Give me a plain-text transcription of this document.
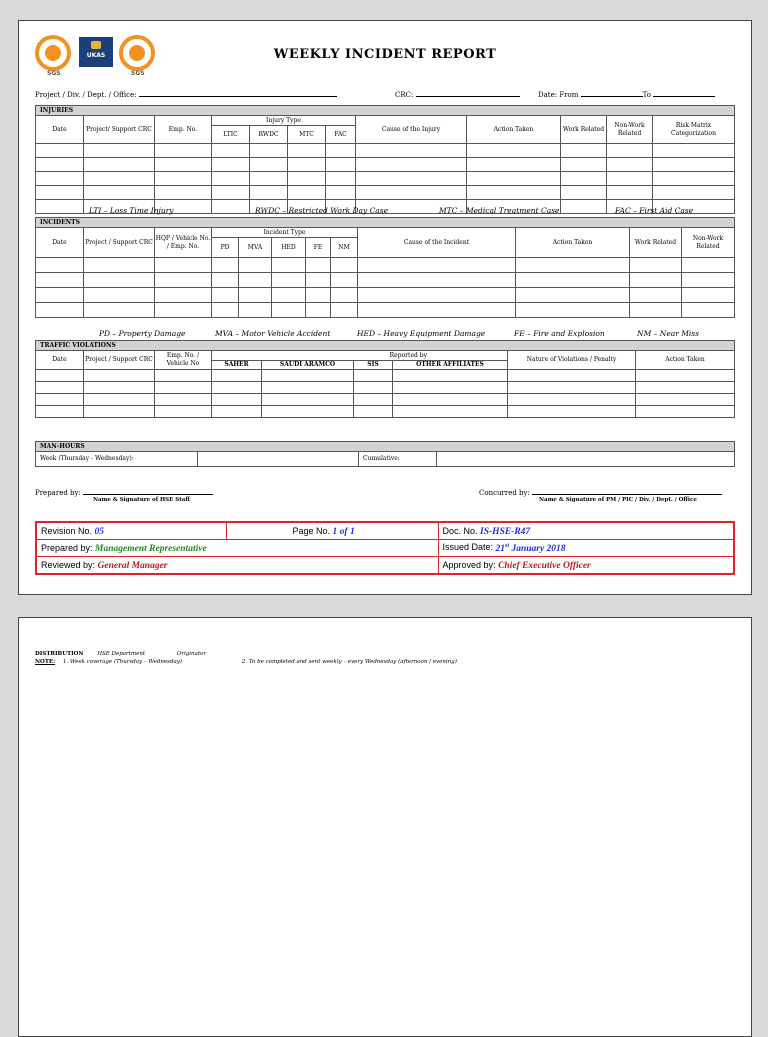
SGS
UKAS
SGS
WEEKLY INCIDENT REPORT
Project / Div. / Dept. / Office:	CRC:	Date: From	To
INJURIES											
Date	Project/ Support CRC	Emp. No.	Injury Type				Cause of the Injury	Action Taken	Work Related	Non-Work Related	Risk Matrix Categorization
			LTIC	RWDC	MTC	FAC					

LTI – Loss Time Injury	RWDC – Restricted Work Day Case	MTC – Medical Treatment Case	FAC – First Aid Case
INCIDENTS											
Date	Project / Support CRC	HQP / Vehicle No. / Emp. No.	Incident Type					Cause of the Incident	Action Taken	Work Related	Non-Work Related
			PD	MVA	HED	FE	NM				

PD – Property Damage	MVA – Motor Vehicle Accident	HED – Heavy Equipment Damage	FE – Fire and Explosion	NM – Near Miss
TRAFFIC VIOLATIONS								
Date	Project / Support CRC	Emp. No. / Vehicle No	Reported by				Nature of Violations / Penalty	Action Taken
			SAHER	SAUDI ARAMCO	SIS	OTHER AFFILIATES		

MAN-HOURS
Week (Thursday - Wednesday):		Cumulative:	
Prepared by:
Name & Signature of HSE Staff
Concurred by:
Name & Signature of PM / PIC / Div. / Dept. / Office
Revision No. 05	Page No. 1 of 1	Doc. No. IS-HSE-R47
Prepared by: Management Representative		Issued Date: 21st January 2018
Reviewed by: General Manager		Approved by: Chief Executive Officer
DISTRIBUTION	HSE Department	Originator
NOTE: 1. Week coverage (Thursday – Wednesday)	2. To be completed and sent weekly – every Wednesday (afternoon / evening)
